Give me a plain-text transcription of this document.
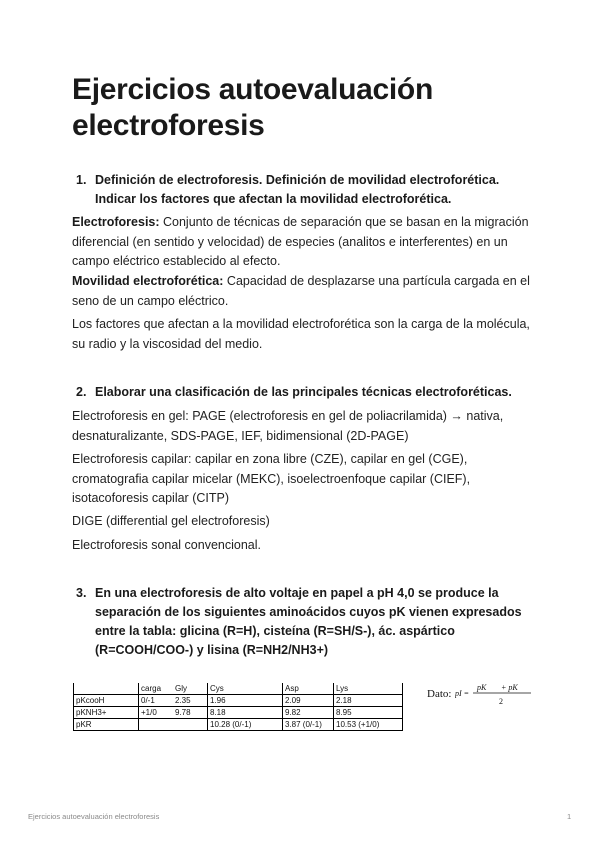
Ejercicios autoevaluación electroforesis
1. Definición de electroforesis. Definición de movilidad electroforética. Indicar los factores que afectan la movilidad electroforética.
Electroforesis: Conjunto de técnicas de separación que se basan en la migración diferencial (en sentido y velocidad) de especies (analitos e interferentes) en un campo eléctrico establecido al efecto.
Movilidad electroforética: Capacidad de desplazarse una partícula cargada en el seno de un campo eléctrico.
Los factores que afectan a la movilidad electroforética son la carga de la molécula, su radio y la viscosidad del medio.
2. Elaborar una clasificación de las principales técnicas electroforéticas.
Electroforesis en gel: PAGE (electroforesis en gel de poliacrilamida) → nativa, desnaturalizante, SDS-PAGE, IEF, bidimensional (2D-PAGE)
Electroforesis capilar: capilar en zona libre (CZE), capilar en gel (CGE), cromatografia capilar micelar (MEKC), isoelectroenfoque capilar (CIEF), isotacoforesis capilar (CITP)
DIGE (differential gel electroforesis)
Electroforesis sonal convencional.
3. En una electroforesis de alto voltaje en papel a pH 4,0 se produce la separación de los siguientes aminoácidos cuyos pK vienen expresados entre la tabla: glicina (R=H), cisteína (R=SH/S-), ác. aspártico (R=COOH/COO-) y lisina (R=NH2/NH3+)
	carga	Gly	Cys	Asp	Lys
pKcooH	0/-1	2.35	1.96	2.09	2.18
pKNH3+	+1/0	9.78	8.18	9.82	8.95
pKR			10.28 (0/-1)	3.87 (0/-1)	10.53 (+1/0)
Dato: pI =
pK + pK
2
Ejercicios autoevaluación electroforesis	1
